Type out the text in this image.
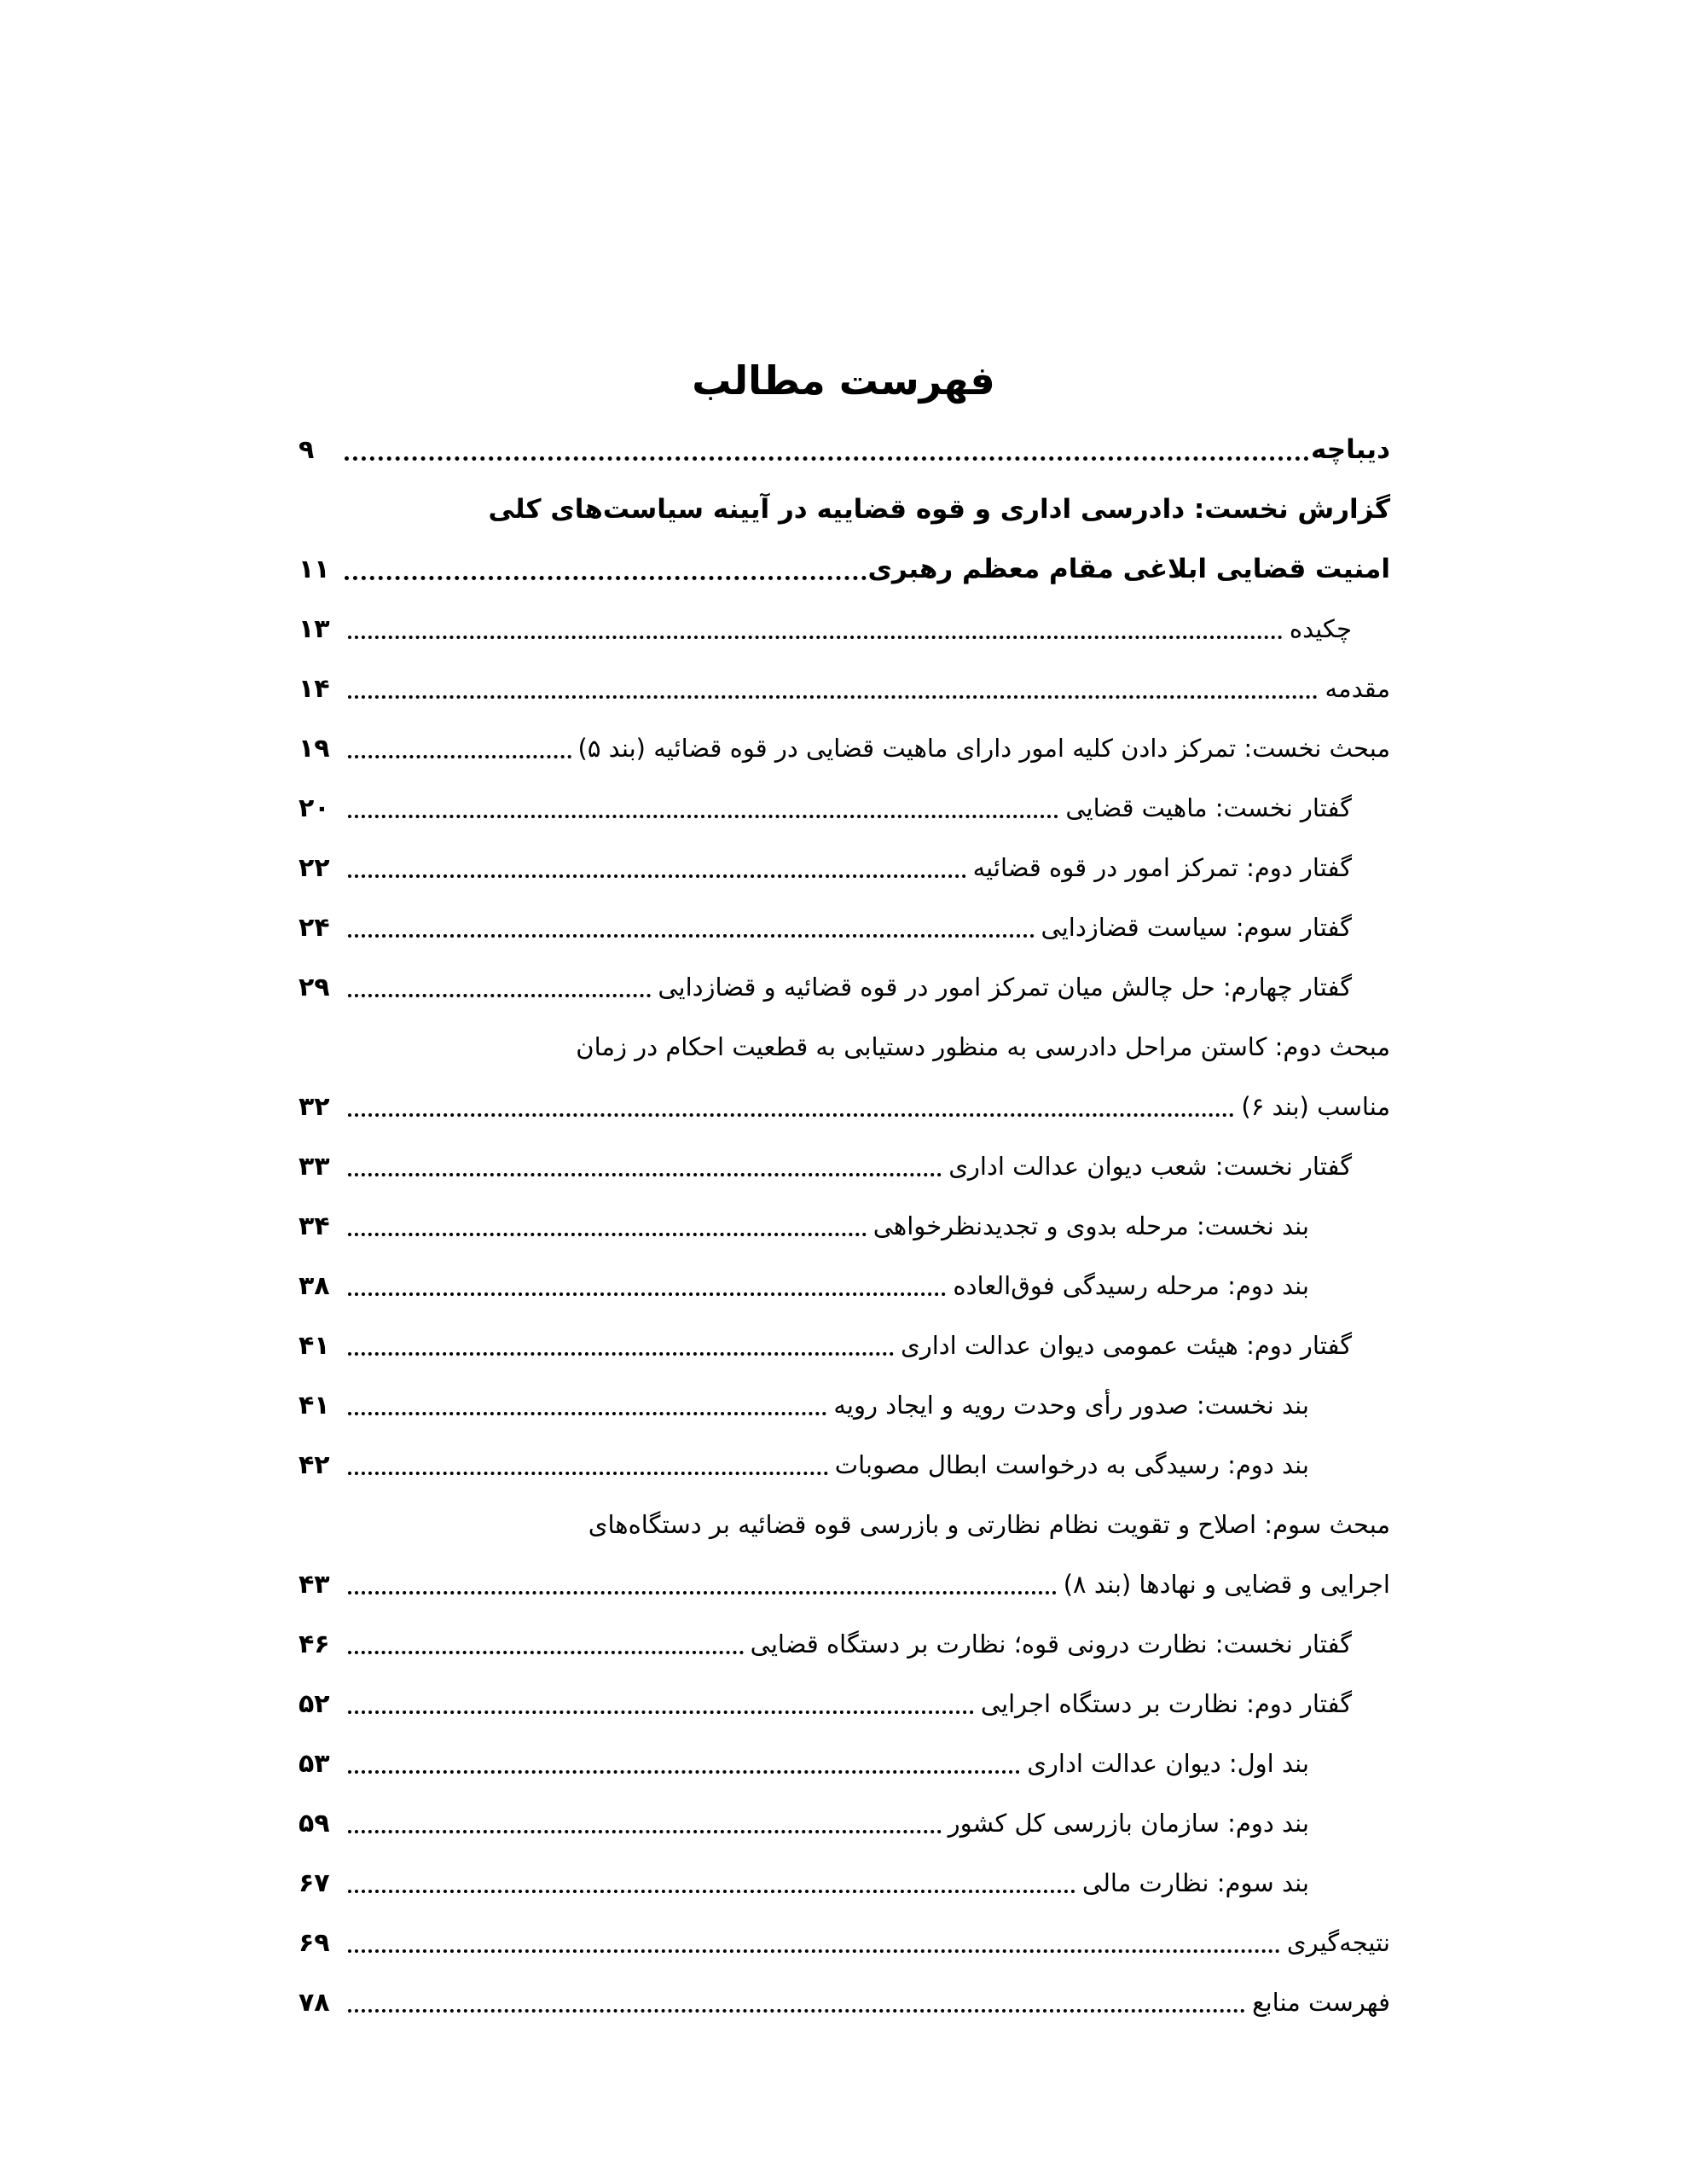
فهرست مطالب
دیباچه
۹
گزارش نخست: دادرسی اداری و قوه قضاییه در آیینه سیاست‌های کلی
امنیت قضایی ابلاغی مقام معظم رهبری
۱۱
چکیده
۱۳
مقدمه
۱۴
مبحث نخست: تمرکز دادن کلیه امور دارای ماهیت قضایی در قوه قضائیه (بند ۵)
۱۹
گفتار نخست: ماهیت قضایی
۲۰
گفتار دوم: تمرکز امور در قوه قضائیه
۲۲
گفتار سوم: سیاست قضازدایی
۲۴
گفتار چهارم: حل چالش میان تمرکز امور در قوه قضائیه و قضازدایی
۲۹
مبحث دوم: کاستن مراحل دادرسی به منظور دستیابی به قطعیت احکام در زمان
مناسب (بند ۶)
۳۲
گفتار نخست: شعب دیوان عدالت اداری
۳۳
بند نخست: مرحله بدوی و تجدیدنظرخواهی
۳۴
بند دوم: مرحله رسیدگی فوق‌العاده
۳۸
گفتار دوم: هیئت عمومی دیوان عدالت اداری
۴۱
بند نخست: صدور رأی وحدت رویه و ایجاد رویه
۴۱
بند دوم: رسیدگی به درخواست ابطال مصوبات
۴۲
مبحث سوم: اصلاح و تقویت نظام نظارتی و بازرسی قوه قضائیه بر دستگاه‌های
اجرایی و قضایی و نهادها (بند ۸)
۴۳
گفتار نخست: نظارت درونی قوه؛ نظارت بر دستگاه قضایی
۴۶
گفتار دوم: نظارت بر دستگاه اجرایی
۵۲
بند اول: دیوان عدالت اداری
۵۳
بند دوم: سازمان بازرسی کل کشور
۵۹
بند سوم: نظارت مالی
۶۷
نتیجه‌گیری
۶۹
فهرست منابع
۷۸
